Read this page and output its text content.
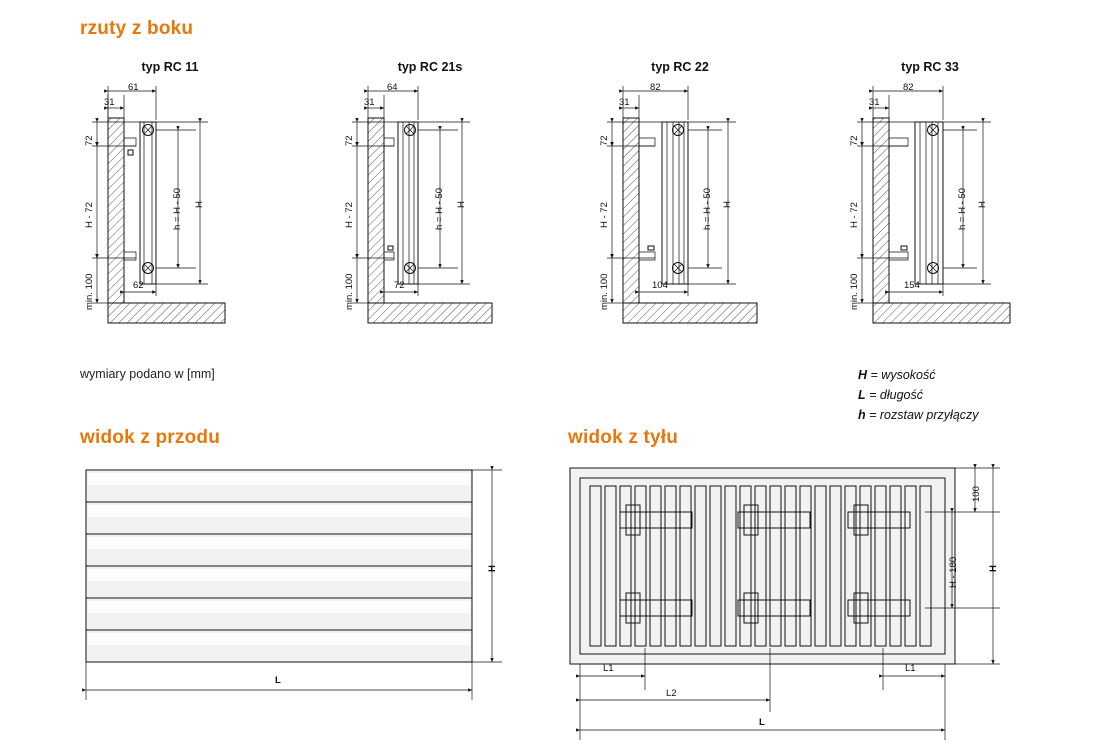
rzuty z boku
widok z przodu	widok z tyłu
typ RC 11	typ RC 21s	typ RC 22	typ RC 33
wymiary podano w [mm]	H = wysokość
L = długość
h = rozstaw przyłączy
61
31
72
H - 72
min. 100
h = H - 50 H
62
64
31
72
H - 72
min. 100
h = H - 50 H
72
82
31
72
H - 72
min. 100
h = H - 50 H
104
82
31
72
H - 72
min. 100
h = H - 50 H
154
H
L
100
H - 180	H
L1	L1
L2
L
